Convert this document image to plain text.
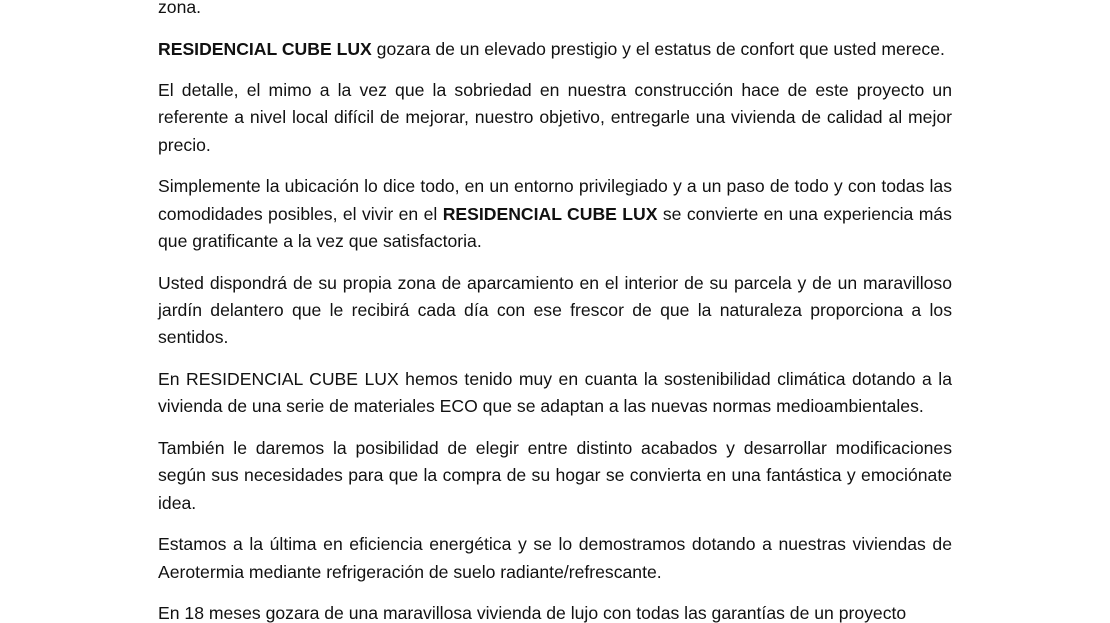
zona.

RESIDENCIAL CUBE LUX gozara de un elevado prestigio y el estatus de confort que usted merece.

El detalle, el mimo a la vez que la sobriedad en nuestra construcción hace de este proyecto un referente a nivel local difícil de mejorar, nuestro objetivo, entregarle una vivienda de calidad al mejor precio.

Simplemente la ubicación lo dice todo, en un entorno privilegiado y a un paso de todo y con todas las comodidades posibles, el vivir en el RESIDENCIAL CUBE LUX se convierte en una experiencia más que gratificante a la vez que satisfactoria.

Usted dispondrá de su propia zona de aparcamiento en el interior de su parcela y de un maravilloso jardín delantero que le recibirá cada día con ese frescor de que la naturaleza proporciona a los sentidos.

En RESIDENCIAL CUBE LUX hemos tenido muy en cuanta la sostenibilidad climática dotando a la vivienda de una serie de materiales ECO que se adaptan a las nuevas normas medioambientales.

También le daremos la posibilidad de elegir entre distinto acabados y desarrollar modificaciones según sus necesidades para que la compra de su hogar se convierta en una fantástica y emociónate idea.

Estamos a la última en eficiencia energética y se lo demostramos dotando a nuestras viviendas de Aerotermia mediante refrigeración de suelo radiante/refrescante.

En 18 meses gozara de una maravillosa vivienda de lujo con todas las garantías de un proyecto
